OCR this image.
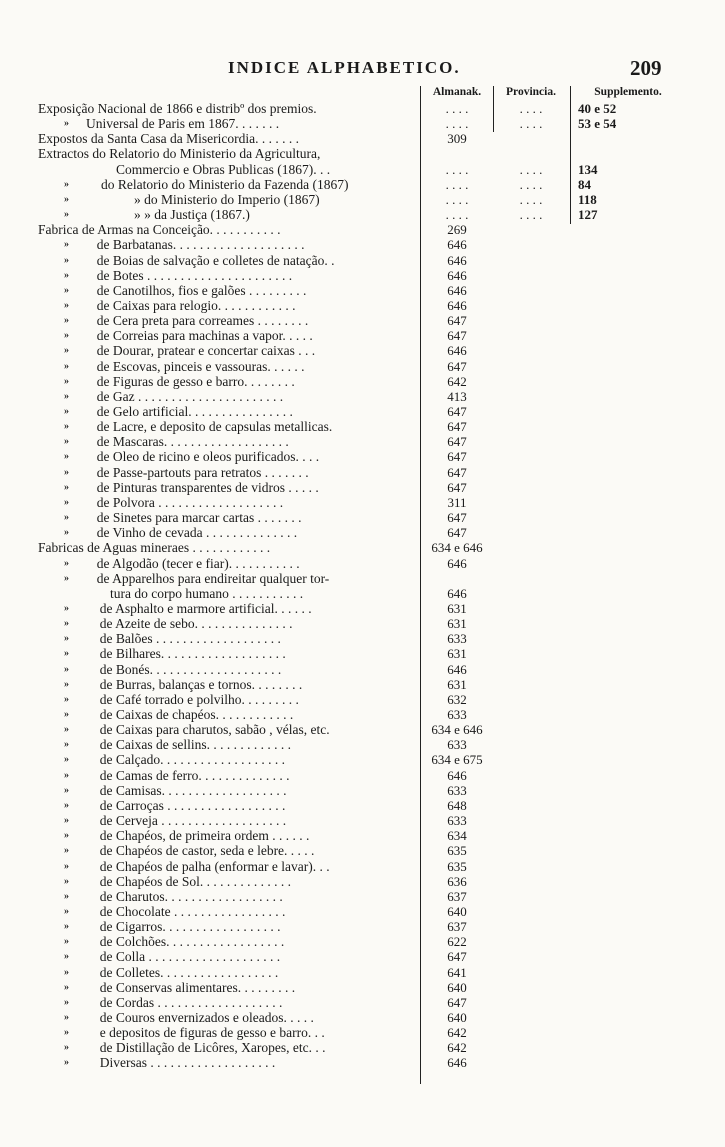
INDICE ALPHABETICO.	209
Almanak.	Provincia.	Supplemento.
Exposição Nacional de 1866 e distribº dos premios.	. . . .	. . . .	40 e 52
» Universal de Paris em 1867. . . . . . .	. . . .	. . . .	53 e 54
Expostos da Santa Casa da Misericordia. . . . . . .	309
Extractos do Relatorio do Ministerio da Agricultura,
Commercio e Obras Publicas (1867). . .	. . . .	. . . .	134
» do Relatorio do Ministerio da Fazenda (1867)	. . . .	. . . .	84
»	» do Ministerio do Imperio (1867)	. . . .	. . . .	118
»	» » da Justiça (1867.)	. . . .	. . . .	127
Fabrica de Armas na Conceição. . . . . . . . . . .	269
» de Barbatanas. . . . . . . . . . . . . . . . . . . .	646
» de Boias de salvação e colletes de natação. .	646
» de Botes . . . . . . . . . . . . . . . . . . . . . .	646
» de Canotilhos, fios e galões . . . . . . . . .	646
» de Caixas para relogio. . . . . . . . . . . .	646
» de Cera preta para correames . . . . . . . .	647
» de Correias para machinas a vapor. . . . .	647
» de Dourar, pratear e concertar caixas . . .	646
» de Escovas, pinceis e vassouras. . . . . .	647
» de Figuras de gesso e barro. . . . . . . .	642
» de Gaz . . . . . . . . . . . . . . . . . . . . . .	413
» de Gelo artificial. . . . . . . . . . . . . . . .	647
» de Lacre, e deposito de capsulas metallicas.	647
» de Mascaras. . . . . . . . . . . . . . . . . . .	647
» de Oleo de ricino e oleos purificados. . . .	647
» de Passe-partouts para retratos . . . . . . .	647
» de Pinturas transparentes de vidros . . . . .	647
» de Polvora . . . . . . . . . . . . . . . . . . .	311
» de Sinetes para marcar cartas . . . . . . .	647
» de Vinho de cevada . . . . . . . . . . . . . .	647
Fabricas de Aguas mineraes . . . . . . . . . . . .	634 e 646
» de Algodão (tecer e fiar). . . . . . . . . . .	646
» de Apparelhos para endireitar qualquer tor-
tura do corpo humano . . . . . . . . . . .	646
» de Asphalto e marmore artificial. . . . . .	631
» de Azeite de sebo. . . . . . . . . . . . . . .	631
» de Balões . . . . . . . . . . . . . . . . . . .	633
» de Bilhares. . . . . . . . . . . . . . . . . . .	631
» de Bonés. . . . . . . . . . . . . . . . . . . .	646
» de Burras, balanças e tornos. . . . . . . .	631
» de Café torrado e polvilho. . . . . . . . .	632
» de Caixas de chapéos. . . . . . . . . . . .	633
» de Caixas para charutos, sabão , vélas, etc.	634 e 646
» de Caixas de sellins. . . . . . . . . . . . .	633
» de Calçado. . . . . . . . . . . . . . . . . . .	634 e 675
» de Camas de ferro. . . . . . . . . . . . . .	646
» de Camisas. . . . . . . . . . . . . . . . . . .	633
» de Carroças . . . . . . . . . . . . . . . . . .	648
» de Cerveja . . . . . . . . . . . . . . . . . . .	633
» de Chapéos, de primeira ordem . . . . . .	634
» de Chapéos de castor, seda e lebre. . . . .	635
» de Chapéos de palha (enformar e lavar). . .	635
» de Chapéos de Sol. . . . . . . . . . . . . .	636
» de Charutos. . . . . . . . . . . . . . . . . .	637
» de Chocolate . . . . . . . . . . . . . . . . .	640
» de Cigarros. . . . . . . . . . . . . . . . . .	637
» de Colchões. . . . . . . . . . . . . . . . . .	622
» de Colla . . . . . . . . . . . . . . . . . . . .	647
» de Colletes. . . . . . . . . . . . . . . . . .	641
» de Conservas alimentares. . . . . . . . .	640
» de Cordas . . . . . . . . . . . . . . . . . . .	647
» de Couros envernizados e oleados. . . . .	640
» e depositos de figuras de gesso e barro. . .	642
» de Distillação de Licôres, Xaropes, etc. . .	642
» Diversas . . . . . . . . . . . . . . . . . . .	646
